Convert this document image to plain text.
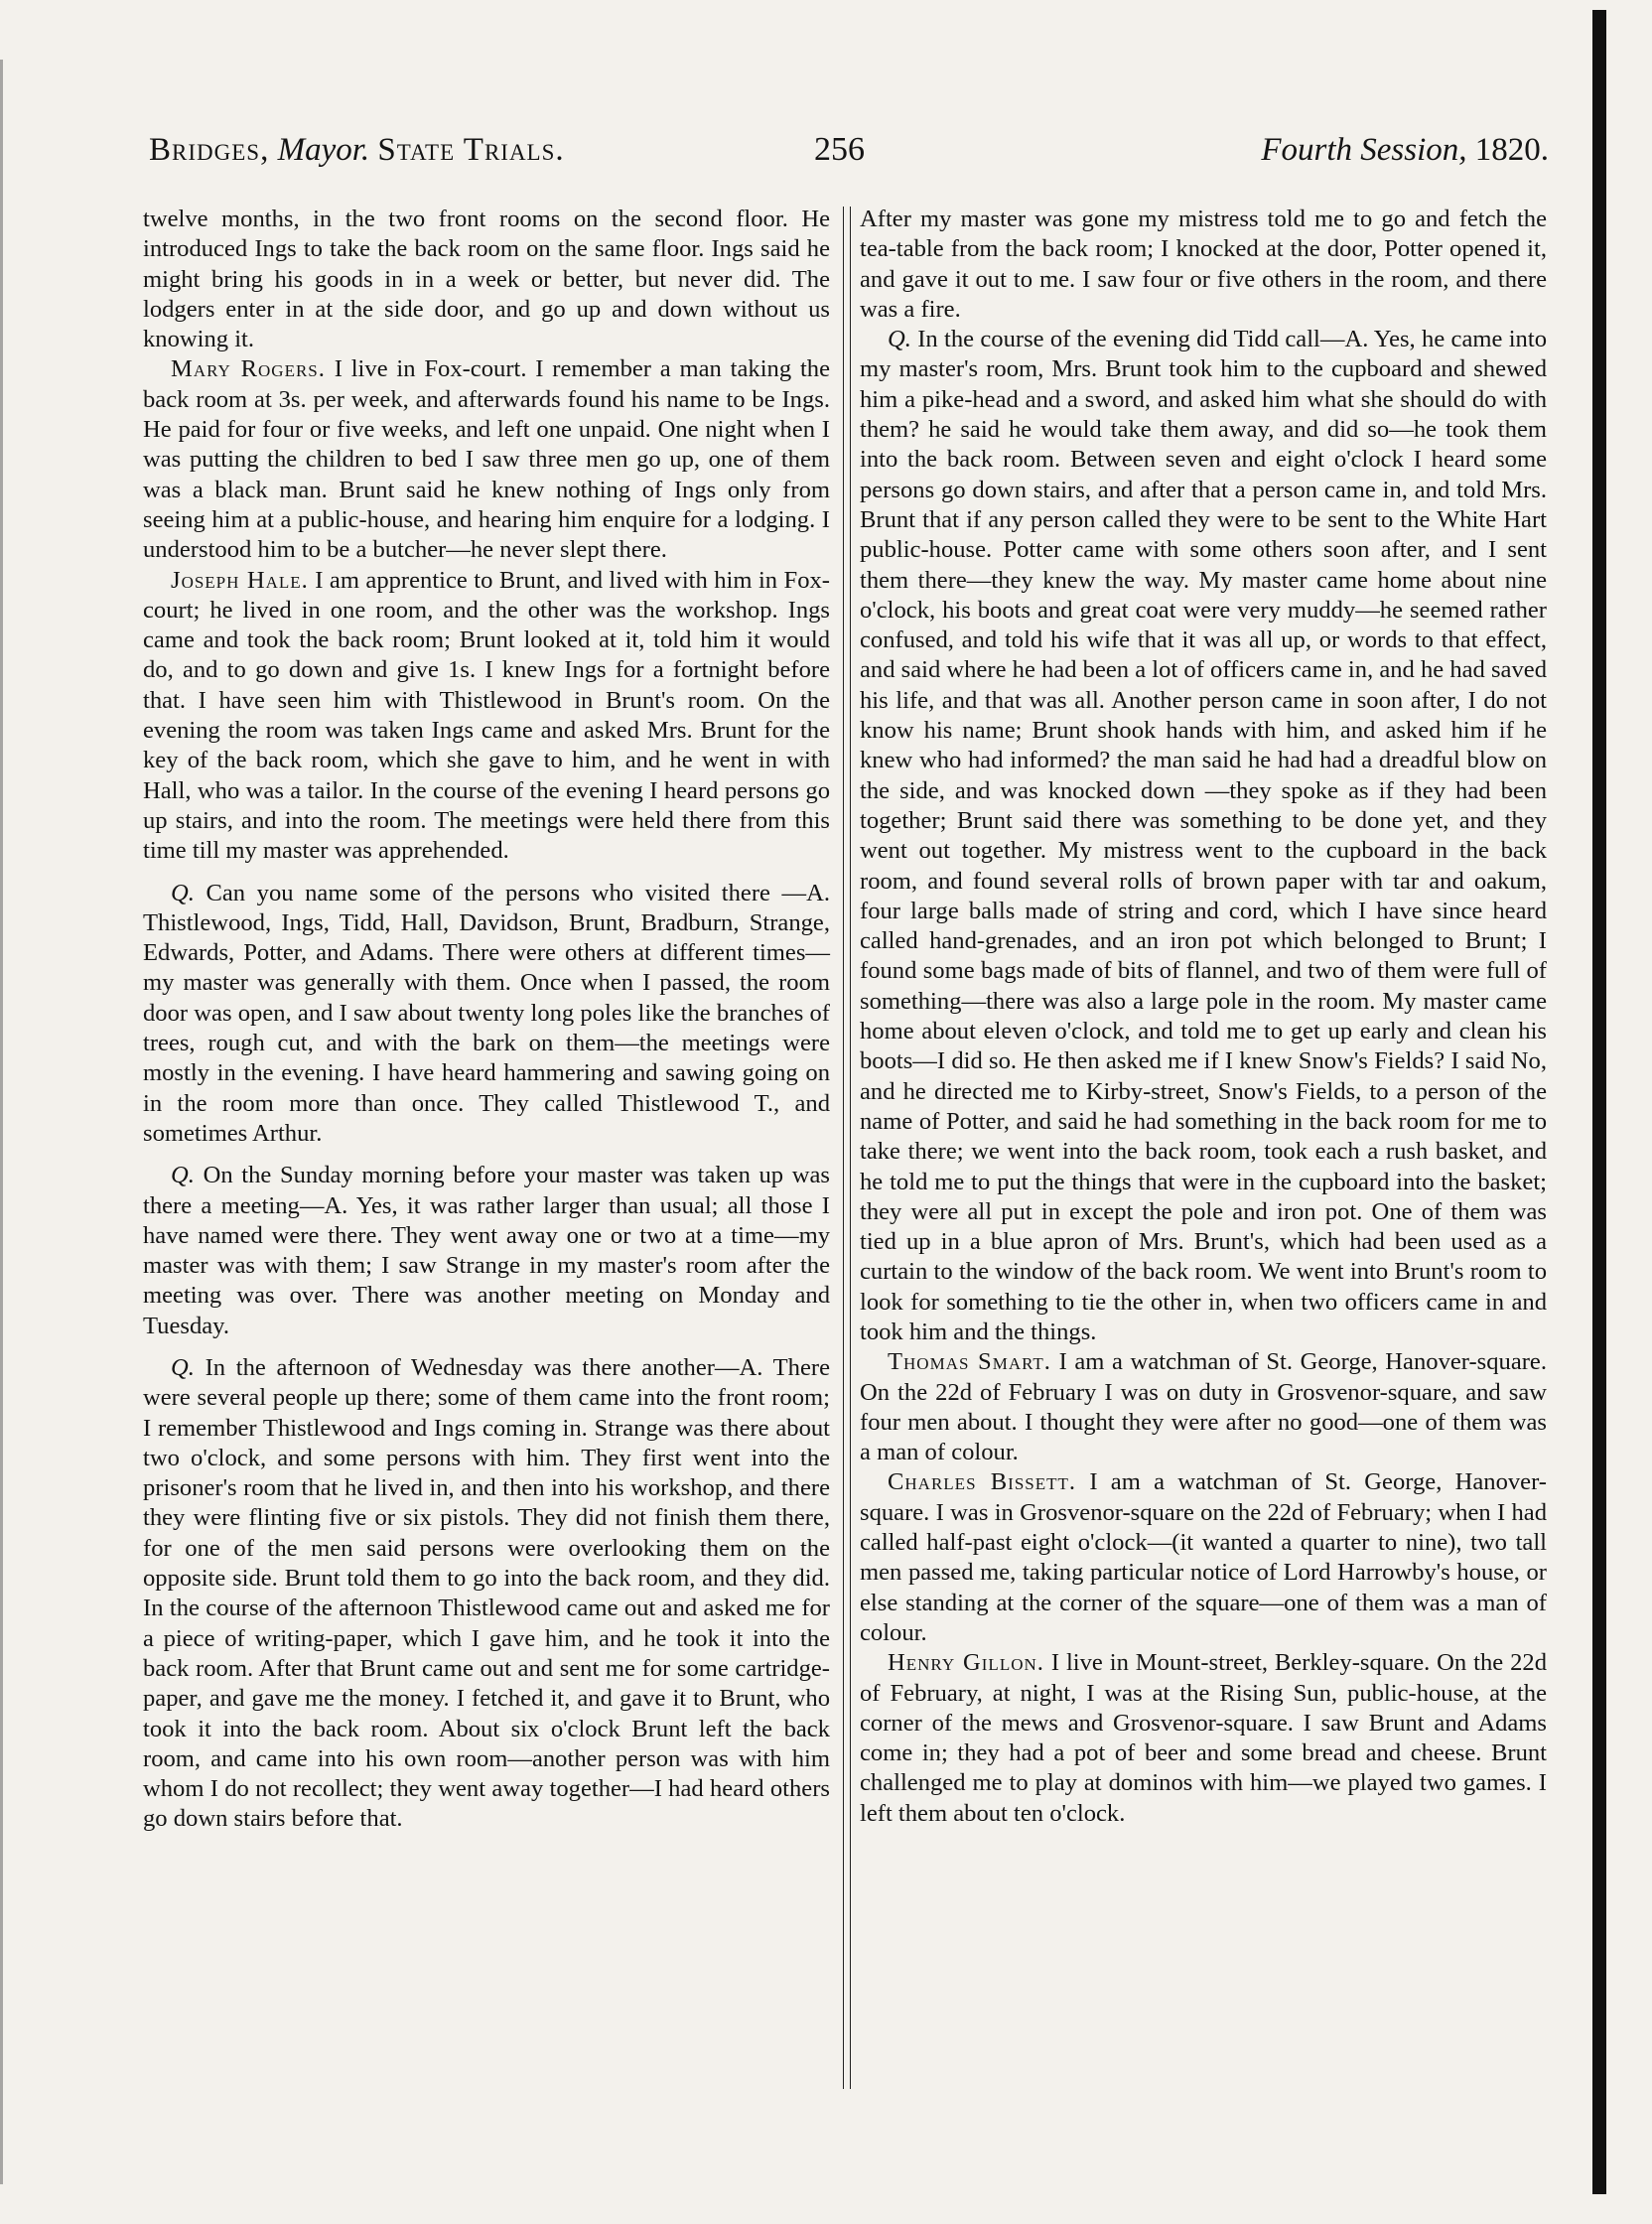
Bridges, Mayor. State Trials.	256	Fourth Session, 1820.

twelve months, in the two front rooms on the second floor. He introduced Ings to take the back room on the same floor. Ings said he might bring his goods in in a week or better, but never did. The lodgers enter in at the side door, and go up and down without us knowing it.

Mary Rogers. I live in Fox-court. I remember a man taking the back room at 3s. per week, and afterwards found his name to be Ings. He paid for four or five weeks, and left one unpaid. One night when I was putting the children to bed I saw three men go up, one of them was a black man. Brunt said he knew nothing of Ings only from seeing him at a public-house, and hearing him enquire for a lodging. I understood him to be a butcher—he never slept there.

Joseph Hale. I am apprentice to Brunt, and lived with him in Fox-court; he lived in one room, and the other was the workshop. Ings came and took the back room; Brunt looked at it, told him it would do, and to go down and give 1s. I knew Ings for a fortnight before that. I have seen him with Thistlewood in Brunt's room. On the evening the room was taken Ings came and asked Mrs. Brunt for the key of the back room, which she gave to him, and he went in with Hall, who was a tailor. In the course of the evening I heard persons go up stairs, and into the room. The meetings were held there from this time till my master was apprehended.

Q. Can you name some of the persons who visited there —A. Thistlewood, Ings, Tidd, Hall, Davidson, Brunt, Bradburn, Strange, Edwards, Potter, and Adams. There were others at different times—my master was generally with them. Once when I passed, the room door was open, and I saw about twenty long poles like the branches of trees, rough cut, and with the bark on them—the meetings were mostly in the evening. I have heard hammering and sawing going on in the room more than once. They called Thistlewood T., and sometimes Arthur.

Q. On the Sunday morning before your master was taken up was there a meeting—A. Yes, it was rather larger than usual; all those I have named were there. They went away one or two at a time—my master was with them; I saw Strange in my master's room after the meeting was over. There was another meeting on Monday and Tuesday.

Q. In the afternoon of Wednesday was there another—A. There were several people up there; some of them came into the front room; I remember Thistlewood and Ings coming in. Strange was there about two o'clock, and some persons with him. They first went into the prisoner's room that he lived in, and then into his workshop, and there they were flinting five or six pistols. They did not finish them there, for one of the men said persons were overlooking them on the opposite side. Brunt told them to go into the back room, and they did. In the course of the afternoon Thistlewood came out and asked me for a piece of writing-paper, which I gave him, and he took it into the back room. After that Brunt came out and sent me for some cartridge-paper, and gave me the money. I fetched it, and gave it to Brunt, who took it into the back room. About six o'clock Brunt left the back room, and came into his own room—another person was with him whom I do not recollect; they went away together—I had heard others go down stairs before that.

After my master was gone my mistress told me to go and fetch the tea-table from the back room; I knocked at the door, Potter opened it, and gave it out to me. I saw four or five others in the room, and there was a fire.

Q. In the course of the evening did Tidd call—A. Yes, he came into my master's room, Mrs. Brunt took him to the cupboard and shewed him a pike-head and a sword, and asked him what she should do with them? he said he would take them away, and did so—he took them into the back room. Between seven and eight o'clock I heard some persons go down stairs, and after that a person came in, and told Mrs. Brunt that if any person called they were to be sent to the White Hart public-house. Potter came with some others soon after, and I sent them there—they knew the way. My master came home about nine o'clock, his boots and great coat were very muddy—he seemed rather confused, and told his wife that it was all up, or words to that effect, and said where he had been a lot of officers came in, and he had saved his life, and that was all. Another person came in soon after, I do not know his name; Brunt shook hands with him, and asked him if he knew who had informed? the man said he had had a dreadful blow on the side, and was knocked down —they spoke as if they had been together; Brunt said there was something to be done yet, and they went out together. My mistress went to the cupboard in the back room, and found several rolls of brown paper with tar and oakum, four large balls made of string and cord, which I have since heard called hand-grenades, and an iron pot which belonged to Brunt; I found some bags made of bits of flannel, and two of them were full of something—there was also a large pole in the room. My master came home about eleven o'clock, and told me to get up early and clean his boots—I did so. He then asked me if I knew Snow's Fields? I said No, and he directed me to Kirby-street, Snow's Fields, to a person of the name of Potter, and said he had something in the back room for me to take there; we went into the back room, took each a rush basket, and he told me to put the things that were in the cupboard into the basket; they were all put in except the pole and iron pot. One of them was tied up in a blue apron of Mrs. Brunt's, which had been used as a curtain to the window of the back room. We went into Brunt's room to look for something to tie the other in, when two officers came in and took him and the things.

Thomas Smart. I am a watchman of St. George, Hanover-square. On the 22d of February I was on duty in Grosvenor-square, and saw four men about. I thought they were after no good—one of them was a man of colour.

Charles Bissett. I am a watchman of St. George, Hanover-square. I was in Grosvenor-square on the 22d of February; when I had called half-past eight o'clock—(it wanted a quarter to nine), two tall men passed me, taking particular notice of Lord Harrowby's house, or else standing at the corner of the square—one of them was a man of colour.

Henry Gillon. I live in Mount-street, Berkley-square. On the 22d of February, at night, I was at the Rising Sun, public-house, at the corner of the mews and Grosvenor-square. I saw Brunt and Adams come in; they had a pot of beer and some bread and cheese. Brunt challenged me to play at dominos with him—we played two games. I left them about ten o'clock.
